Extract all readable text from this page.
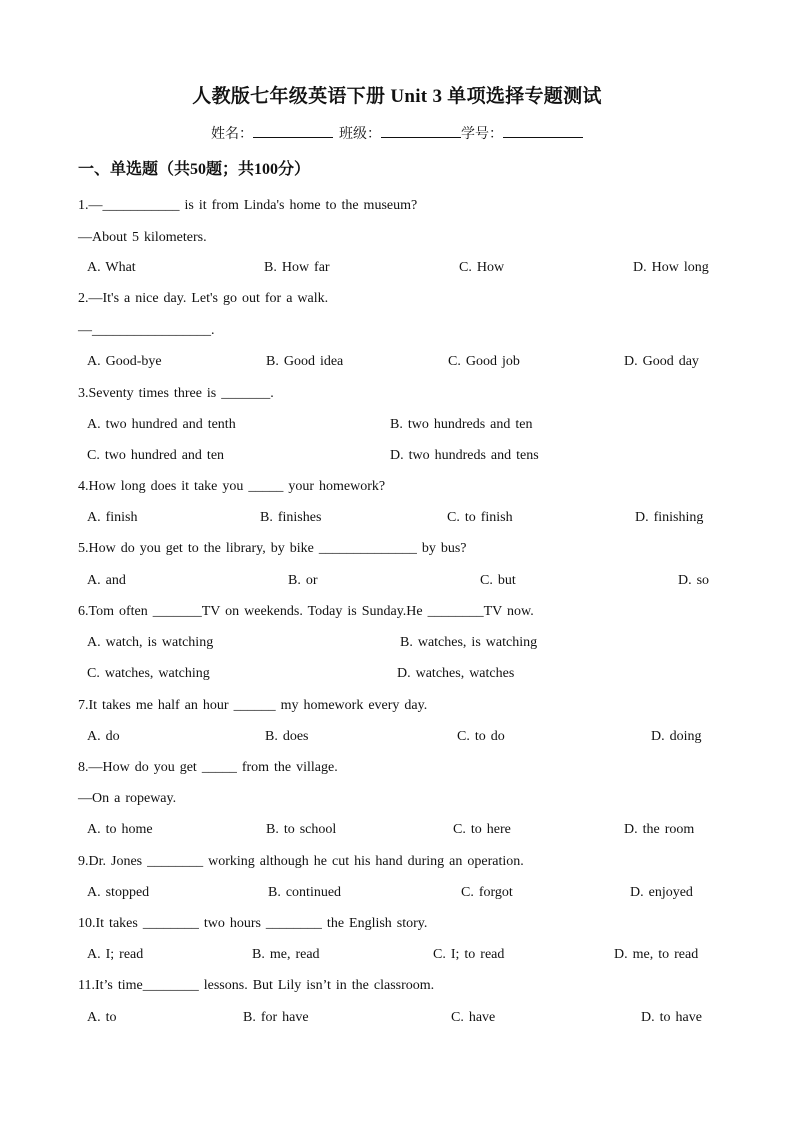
人教版七年级英语下册 Unit 3 单项选择专题测试
姓名：	班级：	学号：
一、单选题（共50题；共100分）
1.—___________ is it from Linda's home to the museum?
—About 5 kilometers.
A. What	B. How far	C. How	D. How long
2.—It's a nice day. Let's go out for a walk.
—_________________.
A. Good-bye	B. Good idea	C. Good job	D. Good day
3.Seventy times three is _______.
A. two hundred and tenth	B. two hundreds and ten
C. two hundred and ten	D. two hundreds and tens
4.How long does it take you _____ your homework?
A. finish	B. finishes	C. to finish	D. finishing
5.How do you get to the library, by bike ______________ by bus?
A. and	B. or	C. but	D. so
6.Tom often _______TV on weekends. Today is Sunday.He ________TV now.
A. watch, is watching	B. watches, is watching
C. watches, watching	D. watches, watches
7.It takes me half an hour ______ my homework every day.
A. do	B. does	C. to do	D. doing
8.—How do you get _____ from the village.
—On a ropeway.
A. to home	B. to school	C. to here	D. the room
9.Dr. Jones ________ working although he cut his hand during an operation.
A. stopped	B. continued	C. forgot	D. enjoyed
10.It takes ________ two hours ________ the English story.
A. I; read	B. me, read	C. I; to read	D. me, to read
11.It’s time________ lessons. But Lily isn’t in the classroom.
A. to	B. for have	C. have	D. to have
